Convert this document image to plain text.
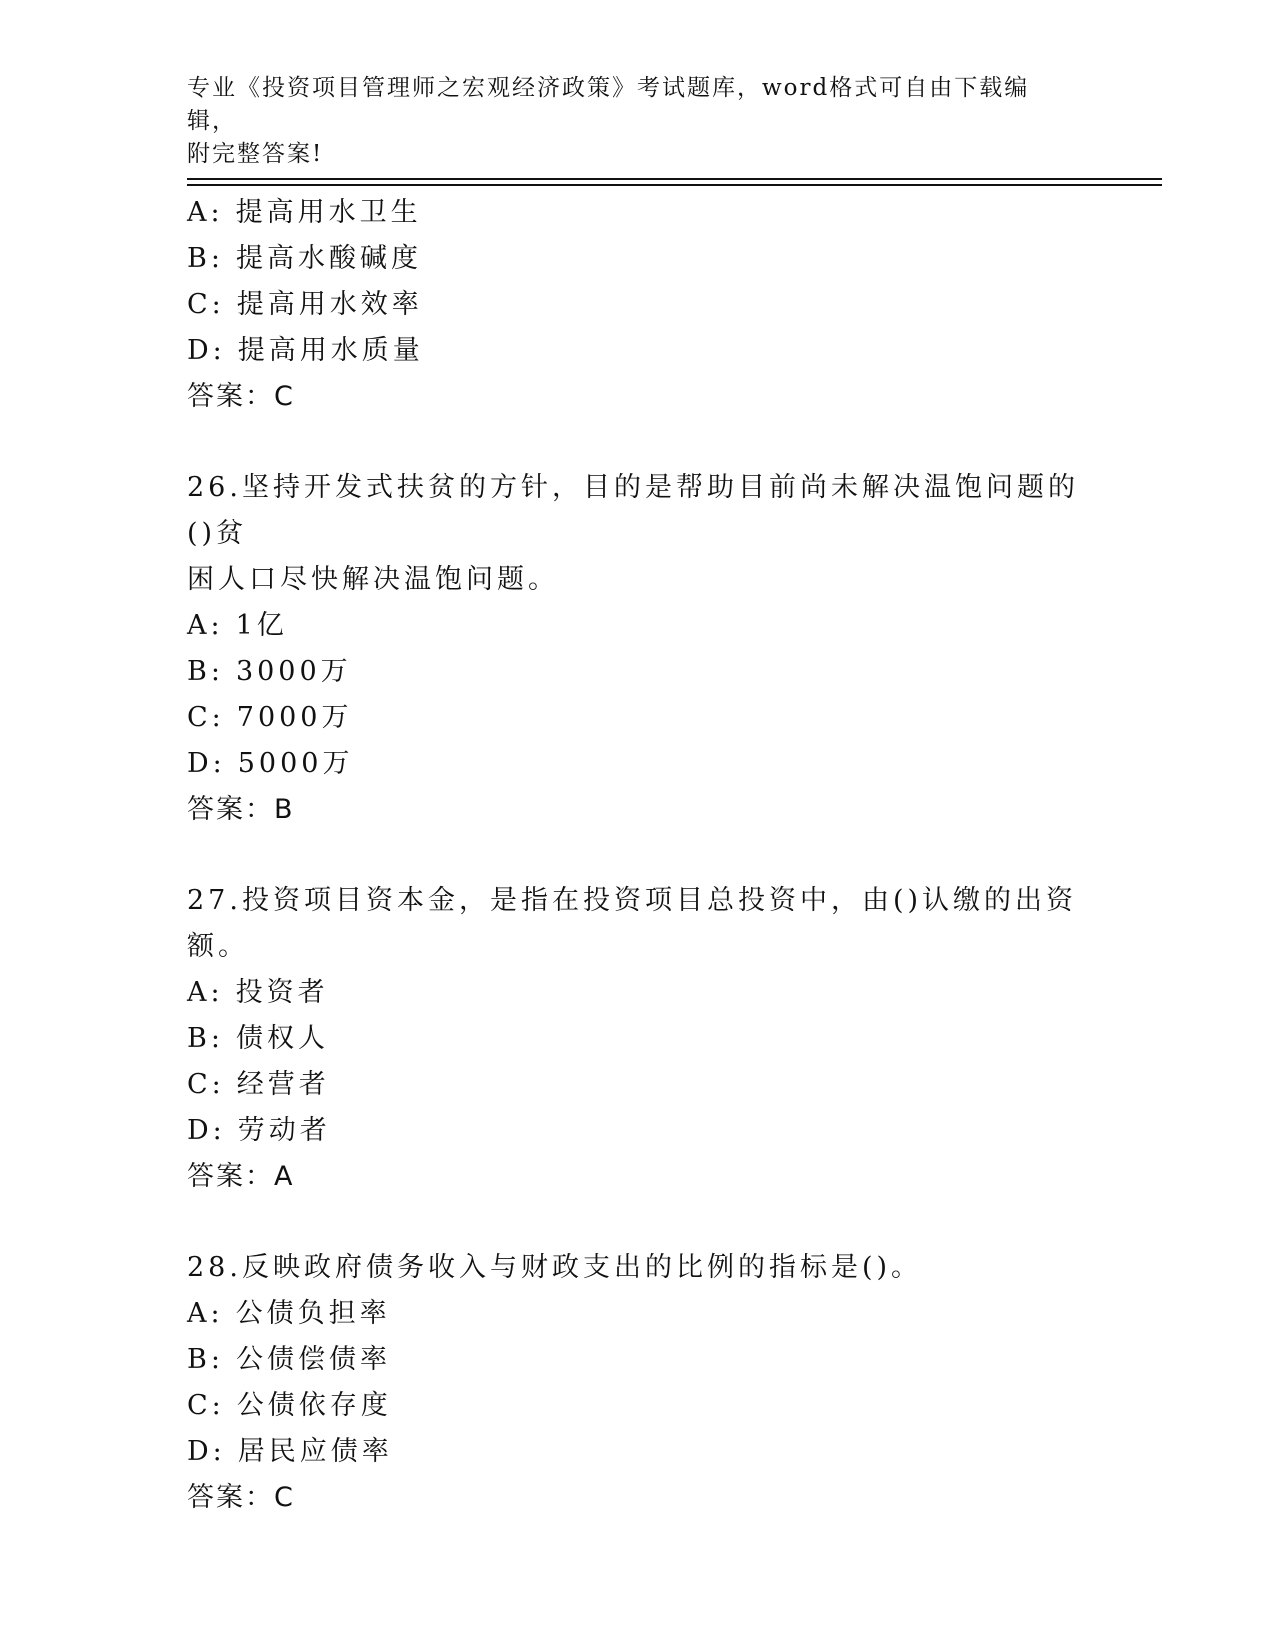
专业《投资项目管理师之宏观经济政策》考试题库，word格式可自由下载编辑，
附完整答案!
A: 提高用水卫生
B: 提高水酸碱度
C: 提高用水效率
D: 提高用水质量
答案：C
26.坚持开发式扶贫的方针，目的是帮助目前尚未解决温饱问题的()贫
困人口尽快解决温饱问题。
A: 1亿
B: 3000万
C: 7000万
D: 5000万
答案：B
27.投资项目资本金，是指在投资项目总投资中，由()认缴的出资额。
A: 投资者
B: 债权人
C: 经营者
D: 劳动者
答案：A
28.反映政府债务收入与财政支出的比例的指标是()。
A: 公债负担率
B: 公债偿债率
C: 公债依存度
D: 居民应债率
答案：C
